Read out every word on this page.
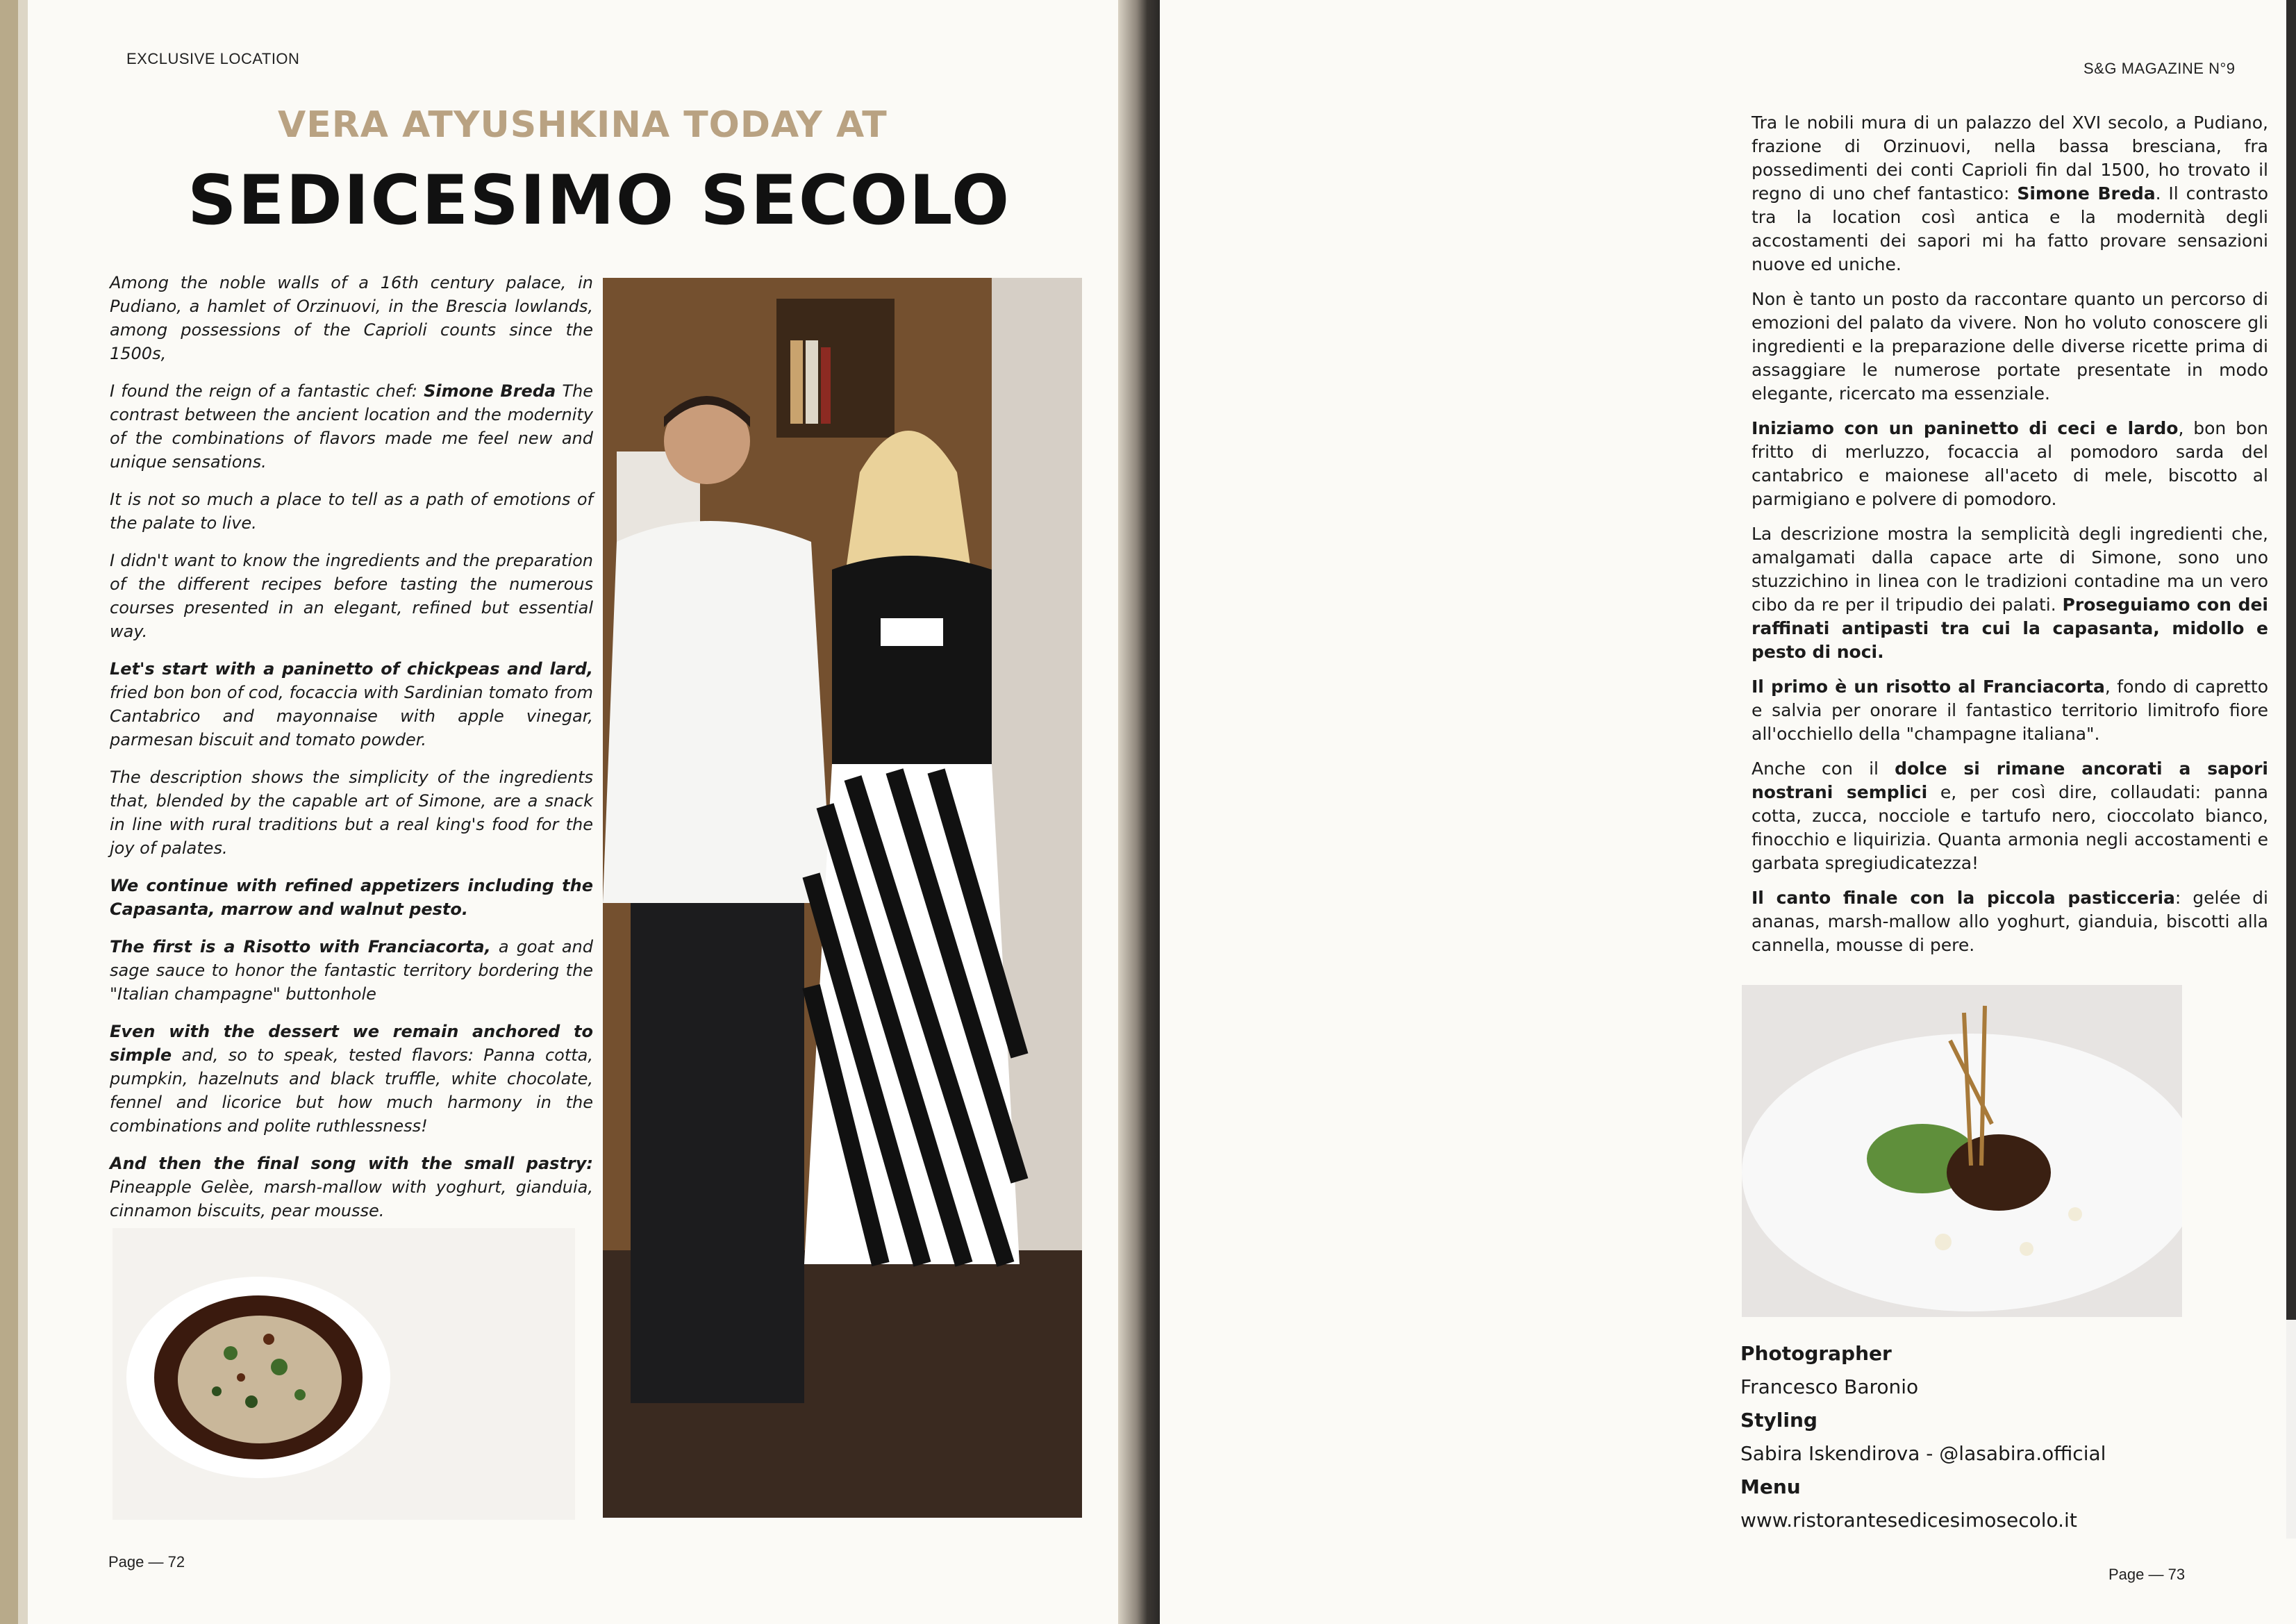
EXCLUSIVE LOCATION
VERA ATYUSHKINA TODAY AT
SEDICESIMO SECOLO

Among the noble walls of a 16th century palace, in Pudiano, a hamlet of Orzinuovi, in the Brescia lowlands, among possessions of the Caprioli counts since the 1500s,

I found the reign of a fantastic chef: Simone Breda The contrast between the ancient location and the modernity of the combinations of flavors made me feel new and unique sensations.

It is not so much a place to tell as a path of emotions of the palate to live.

I didn't want to know the ingredients and the preparation of the different recipes before tasting the numerous courses presented in an elegant, refined but essential way.

Let's start with a paninetto of chickpeas and lard, fried bon bon of cod, focaccia with Sardinian tomato from Cantabrico and mayonnaise with apple vinegar, parmesan biscuit and tomato powder.

The description shows the simplicity of the ingredients that, blended by the capable art of Simone, are a snack in line with rural traditions but a real king's food for the joy of palates.

We continue with refined appetizers including the Capasanta, marrow and walnut pesto.

The first is a Risotto with Franciacorta, a goat and sage sauce to honor the fantastic territory bordering the "Italian champagne" buttonhole

Even with the dessert we remain anchored to simple and, so to speak, tested flavors: Panna cotta, pumpkin, hazelnuts and black truffle, white chocolate, fennel and licorice but how much harmony in the combinations and polite ruthlessness!

And then the final song with the small pastry: Pineapple Gelèe, marsh-mallow with yoghurt, gianduia, cinnamon biscuits, pear mousse.

Page — 72
S&G MAGAZINE N°9

Tra le nobili mura di un palazzo del XVI secolo, a Pudiano, frazione di Orzinuovi, nella bassa bresciana, fra possedimenti dei conti Caprioli fin dal 1500, ho trovato il regno di uno chef fantastico: Simone Breda. Il contrasto tra la location così antica e la modernità degli accostamenti dei sapori mi ha fatto provare sensazioni nuove ed uniche.

Non è tanto un posto da raccontare quanto un percorso di emozioni del palato da vivere. Non ho voluto conoscere gli ingredienti e la preparazione delle diverse ricette prima di assaggiare le numerose portate presentate in modo elegante, ricercato ma essenziale.

Iniziamo con un paninetto di ceci e lardo, bon bon fritto di merluzzo, focaccia al pomodoro sarda del cantabrico e maionese all'aceto di mele, biscotto al parmigiano e polvere di pomodoro.

La descrizione mostra la semplicità degli ingredienti che, amalgamati dalla capace arte di Simone, sono uno stuzzichino in linea con le tradizioni contadine ma un vero cibo da re per il tripudio dei palati. Proseguiamo con dei raffinati antipasti tra cui la capasanta, midollo e pesto di noci.

Il primo è un risotto al Franciacorta, fondo di capretto e salvia per onorare il fantastico territorio limitrofo fiore all'occhiello della "champagne italiana".

Anche con il dolce si rimane ancorati a sapori nostrani semplici e, per così dire, collaudati: panna cotta, zucca, nocciole e tartufo nero, cioccolato bianco, finocchio e liquirizia. Quanta armonia negli accostamenti e garbata spregiudicatezza!

Il canto finale con la piccola pasticceria: gelée di ananas, marsh-mallow allo yoghurt, gianduia, biscotti alla cannella, mousse di pere.

Photographer
Francesco Baronio
Styling
Sabira Iskendirova - @lasabira.official
Menu
www.ristorantesedicesimosecolo.it
Page — 73
